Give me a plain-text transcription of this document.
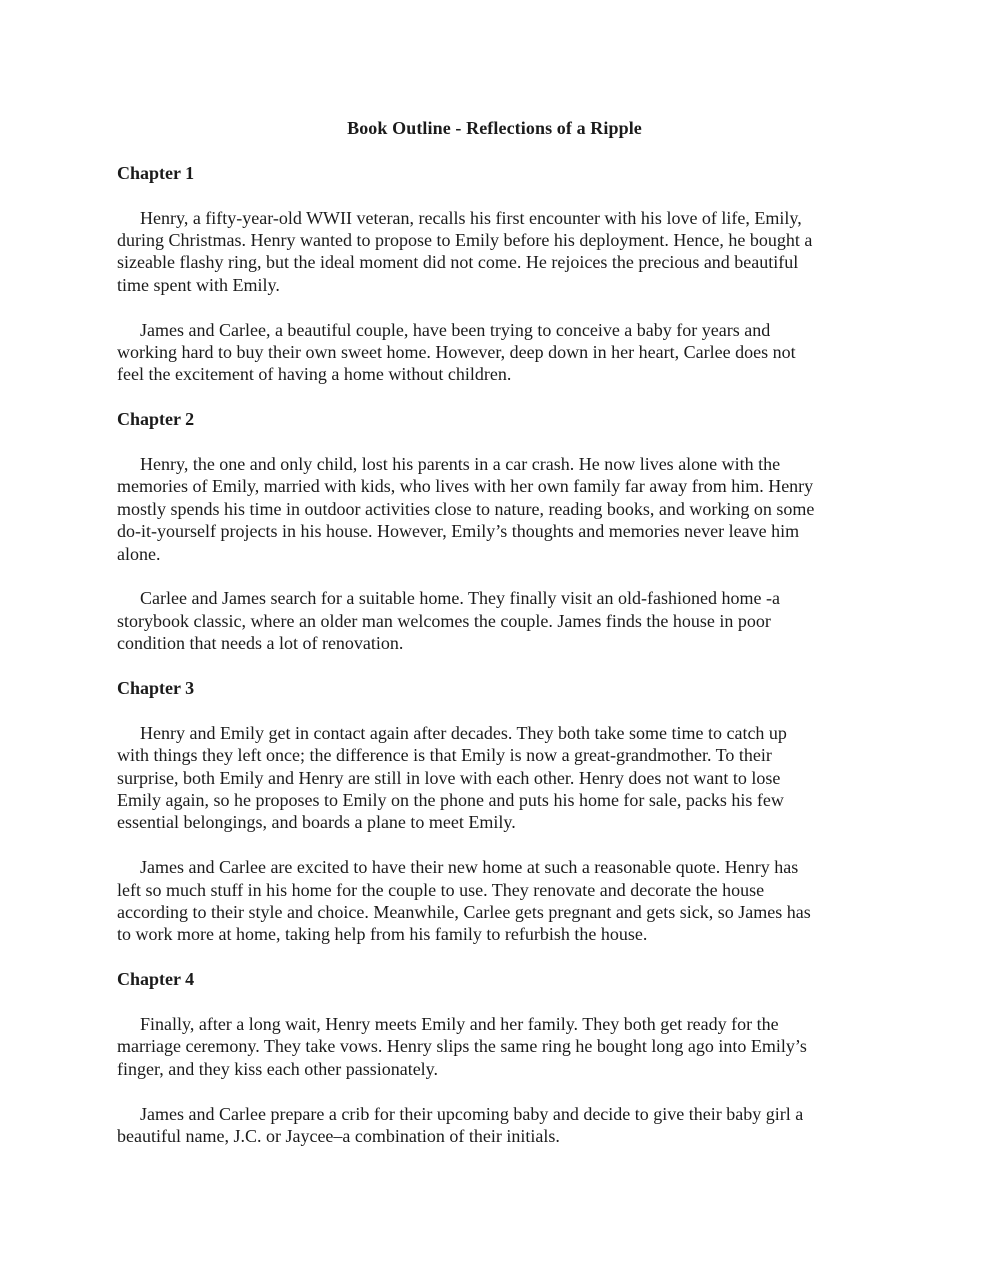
Book Outline - Reflections of a Ripple
Chapter 1

Henry, a fifty-year-old WWII veteran, recalls his first encounter with his love of life, Emily,
during Christmas. Henry wanted to propose to Emily before his deployment. Hence, he bought a
sizeable flashy ring, but the ideal moment did not come. He rejoices the precious and beautiful
time spent with Emily.

James and Carlee, a beautiful couple, have been trying to conceive a baby for years and
working hard to buy their own sweet home. However, deep down in her heart, Carlee does not
feel the excitement of having a home without children.

Chapter 2

Henry, the one and only child, lost his parents in a car crash. He now lives alone with the
memories of Emily, married with kids, who lives with her own family far away from him. Henry
mostly spends his time in outdoor activities close to nature, reading books, and working on some
do-it-yourself projects in his house. However, Emily’s thoughts and memories never leave him
alone.

Carlee and James search for a suitable home. They finally visit an old-fashioned home -a
storybook classic, where an older man welcomes the couple. James finds the house in poor
condition that needs a lot of renovation.

Chapter 3

Henry and Emily get in contact again after decades. They both take some time to catch up
with things they left once; the difference is that Emily is now a great-grandmother. To their
surprise, both Emily and Henry are still in love with each other. Henry does not want to lose
Emily again, so he proposes to Emily on the phone and puts his home for sale, packs his few
essential belongings, and boards a plane to meet Emily.

James and Carlee are excited to have their new home at such a reasonable quote. Henry has
left so much stuff in his home for the couple to use. They renovate and decorate the house
according to their style and choice. Meanwhile, Carlee gets pregnant and gets sick, so James has
to work more at home, taking help from his family to refurbish the house.

Chapter 4

Finally, after a long wait, Henry meets Emily and her family. They both get ready for the
marriage ceremony. They take vows. Henry slips the same ring he bought long ago into Emily’s
finger, and they kiss each other passionately.

James and Carlee prepare a crib for their upcoming baby and decide to give their baby girl a
beautiful name, J.C. or Jaycee–a combination of their initials.
